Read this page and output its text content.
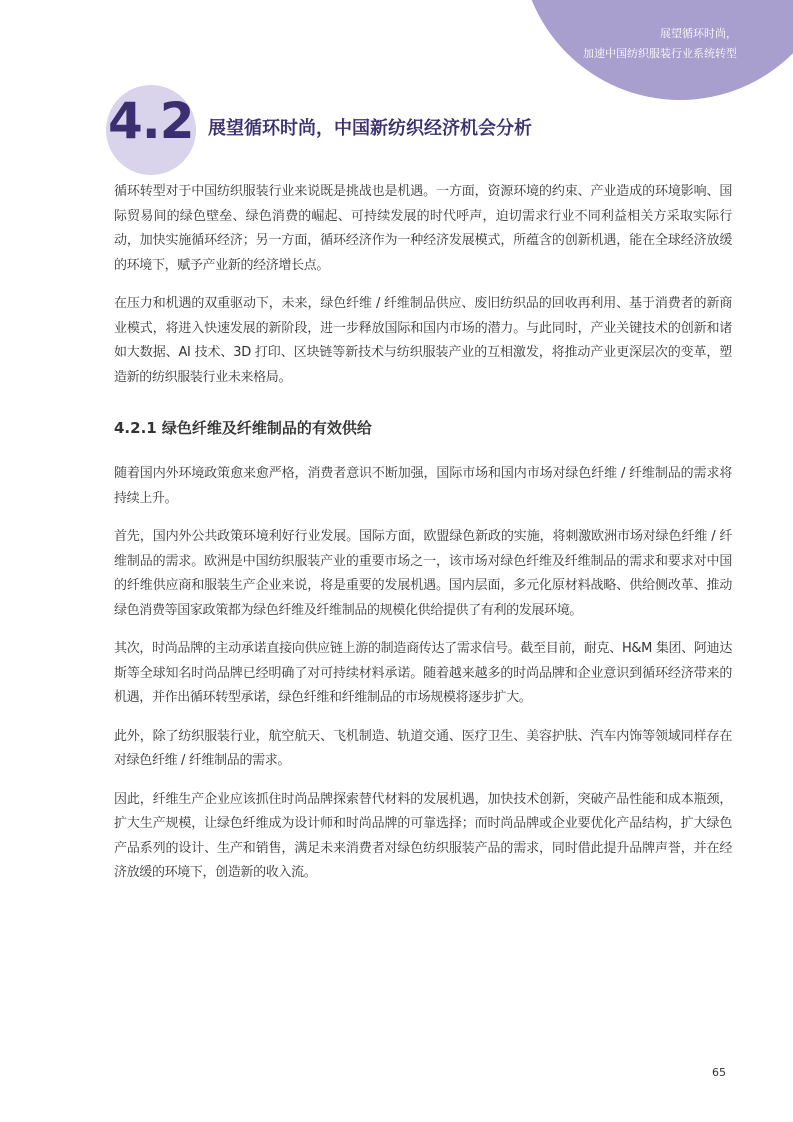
展望循环时尚，
加速中国纺织服装行业系统转型
4.2 展望循环时尚，中国新纺织经济机会分析

循环转型对于中国纺织服装行业来说既是挑战也是机遇。一方面，资源环境的约束、产业造成的环境影响、国际贸易间的绿色壁垒、绿色消费的崛起、可持续发展的时代呼声，迫切需求行业不同利益相关方采取实际行动，加快实施循环经济；另一方面，循环经济作为一种经济发展模式，所蕴含的创新机遇，能在全球经济放缓的环境下，赋予产业新的经济增长点。

在压力和机遇的双重驱动下，未来，绿色纤维 / 纤维制品供应、废旧纺织品的回收再利用、基于消费者的新商业模式，将进入快速发展的新阶段，进一步释放国际和国内市场的潜力。与此同时，产业关键技术的创新和诸如大数据、AI 技术、3D 打印、区块链等新技术与纺织服装产业的互相激发，将推动产业更深层次的变革，塑造新的纺织服装行业未来格局。

4.2.1 绿色纤维及纤维制品的有效供给

随着国内外环境政策愈来愈严格，消费者意识不断加强，国际市场和国内市场对绿色纤维 / 纤维制品的需求将持续上升。

首先，国内外公共政策环境利好行业发展。国际方面，欧盟绿色新政的实施，将刺激欧洲市场对绿色纤维 / 纤维制品的需求。欧洲是中国纺织服装产业的重要市场之一，该市场对绿色纤维及纤维制品的需求和要求对中国的纤维供应商和服装生产企业来说，将是重要的发展机遇。国内层面，多元化原材料战略、供给侧改革、推动绿色消费等国家政策都为绿色纤维及纤维制品的规模化供给提供了有利的发展环境。

其次，时尚品牌的主动承诺直接向供应链上游的制造商传达了需求信号。截至目前，耐克、H&M 集团、阿迪达斯等全球知名时尚品牌已经明确了对可持续材料承诺。随着越来越多的时尚品牌和企业意识到循环经济带来的机遇，并作出循环转型承诺，绿色纤维和纤维制品的市场规模将逐步扩大。

此外，除了纺织服装行业，航空航天、飞机制造、轨道交通、医疗卫生、美容护肤、汽车内饰等领域同样存在对绿色纤维 / 纤维制品的需求。

因此，纤维生产企业应该抓住时尚品牌探索替代材料的发展机遇，加快技术创新，突破产品性能和成本瓶颈，扩大生产规模，让绿色纤维成为设计师和时尚品牌的可靠选择；而时尚品牌或企业要优化产品结构，扩大绿色产品系列的设计、生产和销售，满足未来消费者对绿色纺织服装产品的需求，同时借此提升品牌声誉，并在经济放缓的环境下，创造新的收入流。

65
